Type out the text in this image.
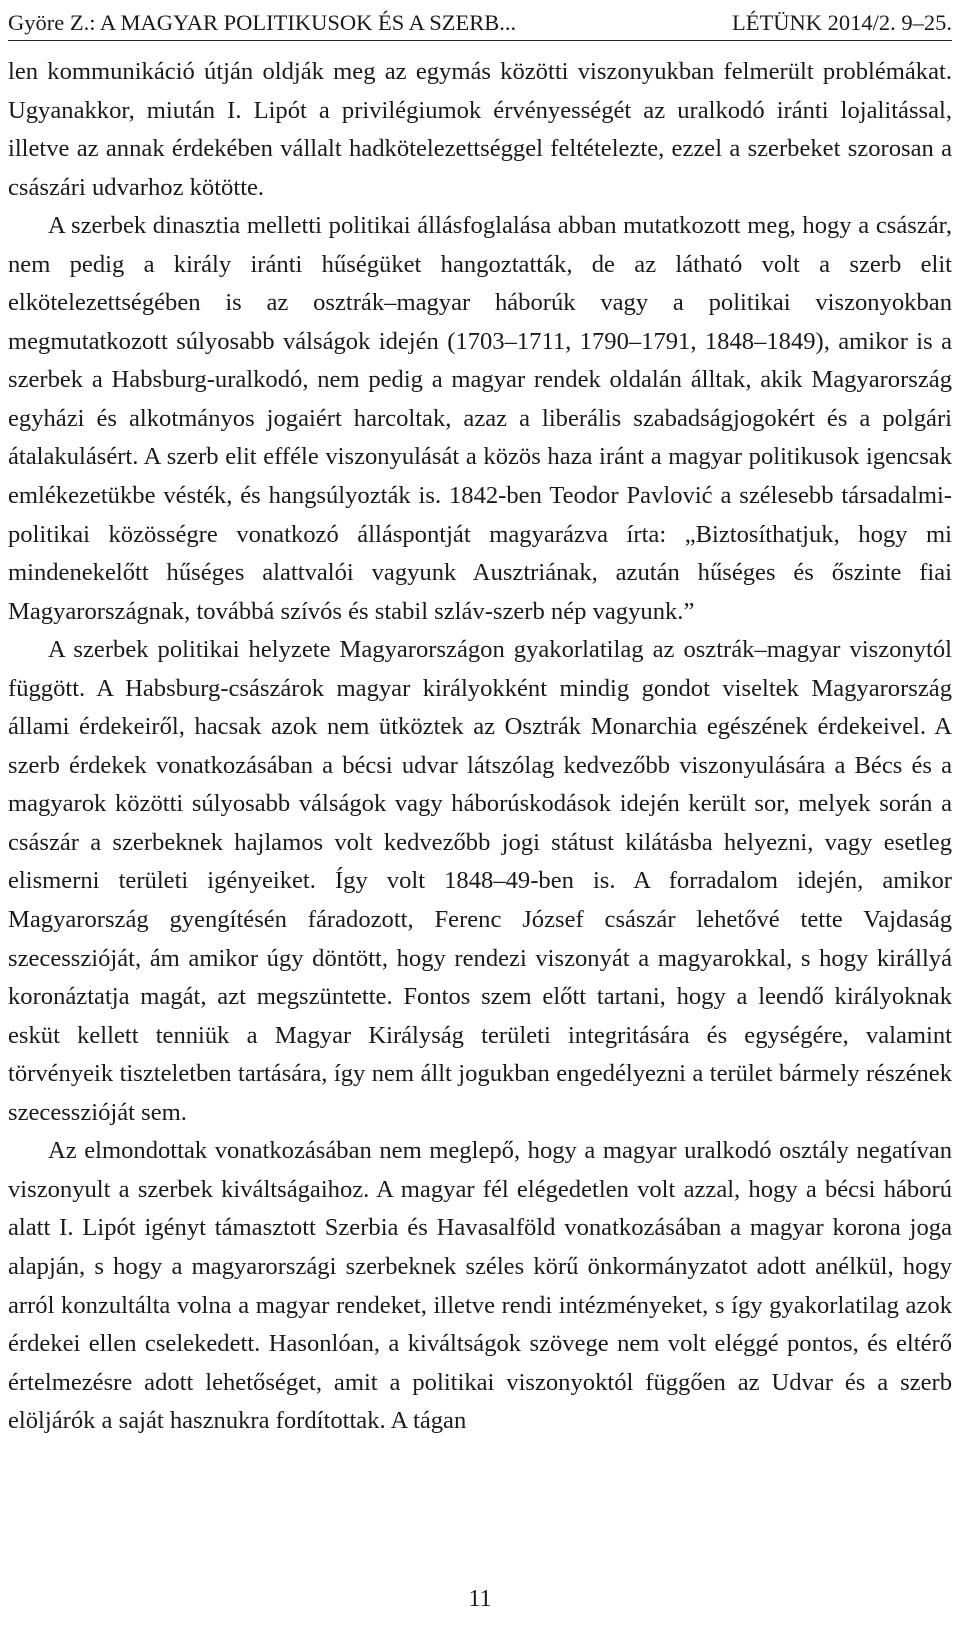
Györe Z.: A MAGYAR POLITIKUSOK ÉS A SZERB...	LÉTÜNK 2014/2. 9–25.

len kommunikáció útján oldják meg az egymás közötti viszonyukban felmerült problémákat. Ugyanakkor, miután I. Lipót a privilégiumok érvényességét az uralkodó iránti lojalitással, illetve az annak érdekében vállalt hadkötelezettséggel feltételezte, ezzel a szerbeket szorosan a császári udvarhoz kötötte.

A szerbek dinasztia melletti politikai állásfoglalása abban mutatkozott meg, hogy a császár, nem pedig a király iránti hűségüket hangoztatták, de az látható volt a szerb elit elkötelezettségében is az osztrák–magyar háborúk vagy a politikai viszonyokban megmutatkozott súlyosabb válságok idején (1703–1711, 1790–1791, 1848–1849), amikor is a szerbek a Habsburg-uralkodó, nem pedig a magyar rendek oldalán álltak, akik Magyarország egyházi és alkotmányos jogaiért harcoltak, azaz a liberális szabadságjogokért és a polgári átalakulásért. A szerb elit efféle viszonyulását a közös haza iránt a magyar politikusok igencsak emlékezetükbe vésték, és hangsúlyozták is. 1842-ben Teodor Pavlović a szélesebb társadalmi-politikai közösségre vonatkozó álláspontját magyarázva írta: „Biztosíthatjuk, hogy mi mindenekelőtt hűséges alattvalói vagyunk Ausztriának, azután hűséges és őszinte fiai Magyarországnak, továbbá szívós és stabil szláv-szerb nép vagyunk.”

A szerbek politikai helyzete Magyarországon gyakorlatilag az osztrák–magyar viszonytól függött. A Habsburg-császárok magyar királyokként mindig gondot viseltek Magyarország állami érdekeiről, hacsak azok nem ütköztek az Osztrák Monarchia egészének érdekeivel. A szerb érdekek vonatkozásában a bécsi udvar látszólag kedvezőbb viszonyulására a Bécs és a magyarok közötti súlyosabb válságok vagy háborúskodások idején került sor, melyek során a császár a szerbeknek hajlamos volt kedvezőbb jogi státust kilátásba helyezni, vagy esetleg elismerni területi igényeiket. Így volt 1848–49-ben is. A forradalom idején, amikor Magyarország gyengítésén fáradozott, Ferenc József császár lehetővé tette Vajdaság szecesszióját, ám amikor úgy döntött, hogy rendezi viszonyát a magyarokkal, s hogy királlyá koronáztatja magát, azt megszüntette. Fontos szem előtt tartani, hogy a leendő királyoknak esküt kellett tenniük a Magyar Királyság területi integritására és egységére, valamint törvényeik tiszteletben tartására, így nem állt jogukban engedélyezni a terület bármely részének szecesszióját sem.

Az elmondottak vonatkozásában nem meglepő, hogy a magyar uralkodó osztály negatívan viszonyult a szerbek kiváltságaihoz. A magyar fél elégedetlen volt azzal, hogy a bécsi háború alatt I. Lipót igényt támasztott Szerbia és Havasalföld vonatkozásában a magyar korona joga alapján, s hogy a magyarországi szerbeknek széles körű önkormányzatot adott anélkül, hogy arról konzultálta volna a magyar rendeket, illetve rendi intézményeket, s így gyakorlatilag azok érdekei ellen cselekedett. Hasonlóan, a kiváltságok szövege nem volt eléggé pontos, és eltérő értelmezésre adott lehetőséget, amit a politikai viszonyoktól függően az Udvar és a szerb elöljárók a saját hasznukra fordítottak. A tágan

11
